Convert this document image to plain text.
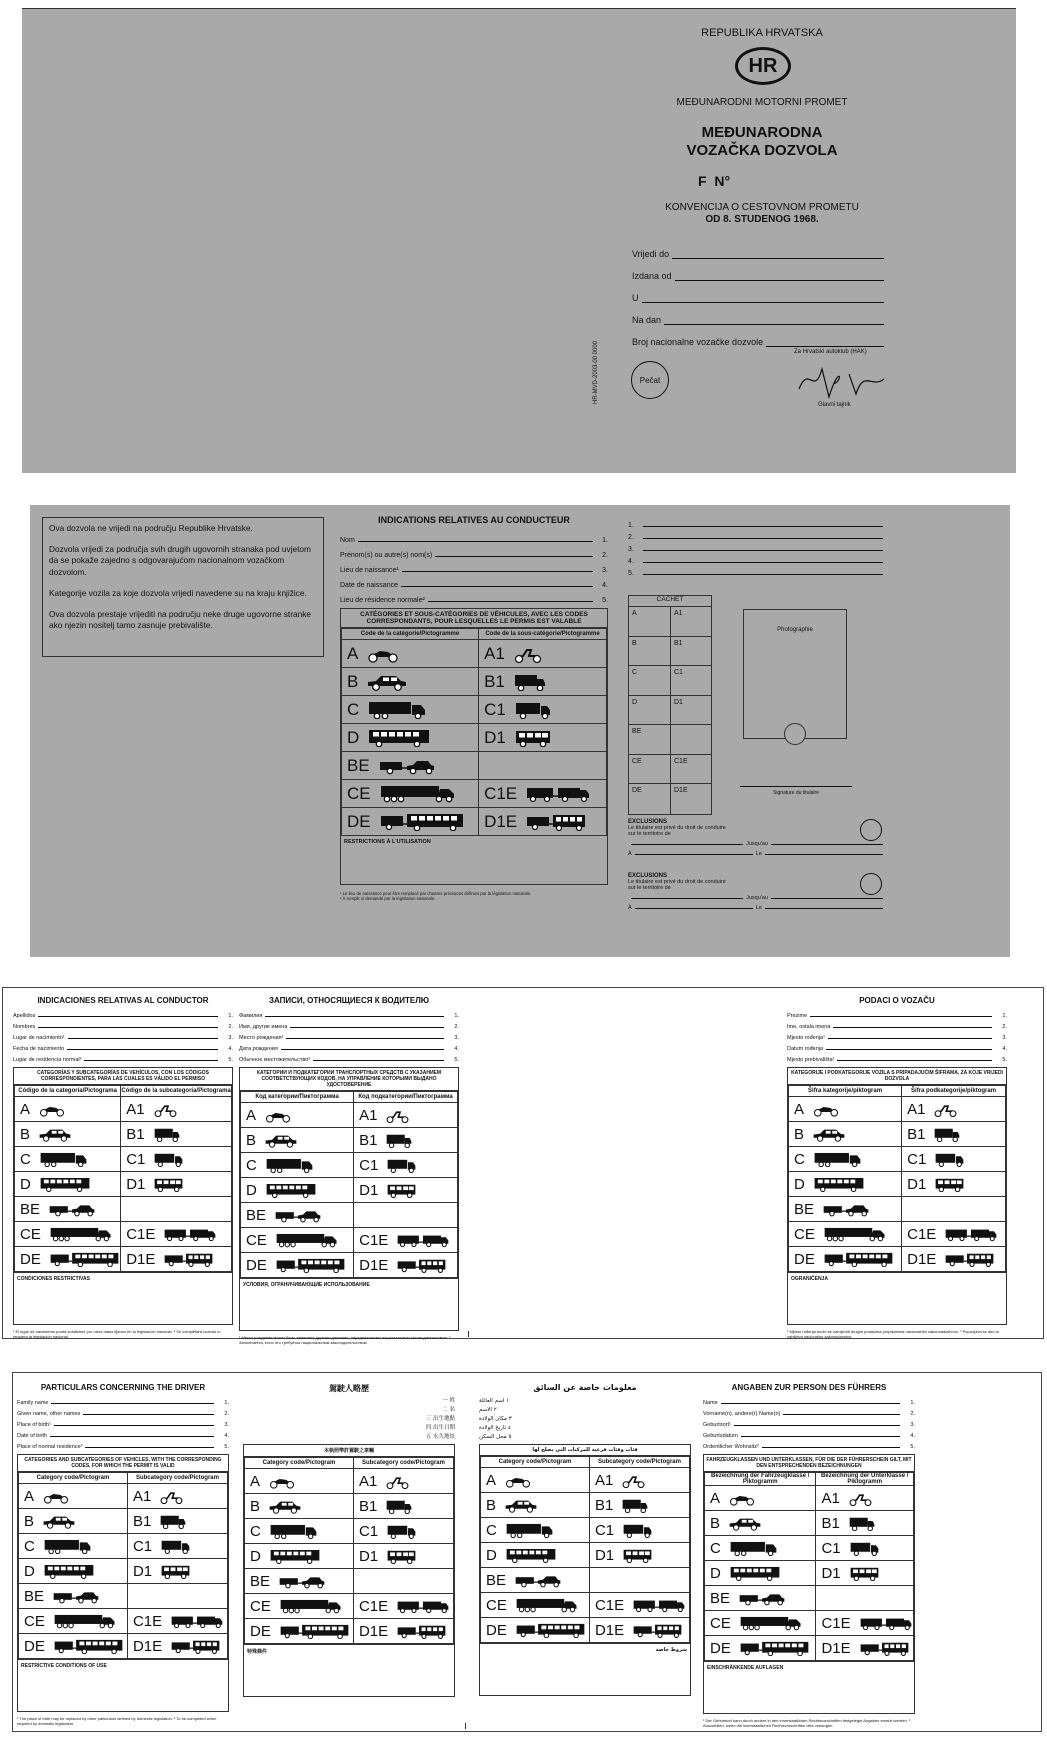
REPUBLIKA HRVATSKA
HR
MEĐUNARODNI MOTORNI PROMET
MEĐUNARODNA
VOZAČKA DOZVOLA
F  N°
KONVENCIJA O CESTOVNOM PROMETU
OD 8. STUDENOG 1968.
Vrijedi do
Izdana od
U
Na dan
Broj nacionalne vozačke dozvole
Za Hrvatski autoklub (HAK)
Glavni tajnik
Pečat
HR-MVD-2003-00 0000

Ova dozvola ne vrijedi na području Republike Hrvatske.

Dozvola vrijedi za područja svih drugih ugovornih stranaka pod uvjetom da se pokaže zajedno s odgovarajućom nacionalnom vozačkom dozvolom.

Kategorije vozila za koje dozvola vrijedi navedene su na kraju knjižice.

Ova dozvola prestaje vrijediti na području neke druge ugovorne stranke ako njezin nositelj tamo zasnuje prebivalište.

INDICATIONS RELATIVES AU CONDUCTEUR
Nom	1.
Prénom(s) ou autre(s) nom(s)	2.
Lieu de naissance¹	3.
Date de naissance	4.
Lieu de résidence normale²	5.
CATÉGORIES ET SOUS-CATÉGORIES DE VÉHICULES, AVEC LES CODES CORRESPONDANTS, POUR LESQUELLES LE PERMIS EST VALABLE
Code de la catégorie/Pictogramme	Code de la sous-catégorie/Pictogramme
A	A1

B	B1

C	C1

D	D1

BE

CE	C1E

DE	D1E
RESTRICTIONS À L'UTILISATION
¹ Le lieu de naissance peut être remplacé par d'autres précisions définies par la législation nationale.
² À remplir si demandé par la législation nationale.
1.
2.
3.
4.
5.
CACHET
A	A1
B	B1
C	C1
D	D1
BE
CE	C1E
DE	D1E
Photographie
Signature du titulaire
EXCLUSIONS
Le titulaire est privé du droit de conduire sur le territoire de
Jusqu'au
À	Le
EXCLUSIONS
Le titulaire est privé du droit de conduire sur le territoire de
Jusqu'au
À	Le
INDICACIONES RELATIVAS AL CONDUCTOR
Apellidos	1.
Nombres	2.
Lugar de nacimiento¹	3.
Fecha de nacimiento	4.
Lugar de residencia normal²	5.
CATEGORÍAS Y SUBCATEGORÍAS DE VEHÍCULOS, CON LOS CÓDIGOS CORRESPONDIENTES, PARA LAS CUALES ES VÁLIDO EL PERMISO
Código de la categoría/Pictograma	Código de la subcategoría/Pictograma
A	A1

B	B1

C	C1

D	D1

BE

CE	C1E

DE	D1E
CONDICIONES RESTRICTIVAS
¹ El lugar de nacimiento podrá sustituirse por otros datos fijados en la legislación nacional. ² Se completará cuando lo requiera la legislación nacional.
ЗАПИСИ, ОТНОСЯЩИЕСЯ К ВОДИТЕЛЮ
Фамилия	1.
Имя, другие имена	2.
Место рождения¹	3.
Дата рождения	4.
Обычное местожительство²	5.
КАТЕГОРИИ И ПОДКАТЕГОРИИ ТРАНСПОРТНЫХ СРЕДСТВ С УКАЗАНИЕМ СООТВЕТСТВУЮЩИХ КОДОВ, НА УПРАВЛЕНИЕ КОТОРЫМИ ВЫДАНО УДОСТОВЕРЕНИЕ
Код категории/Пиктограмма	Код подкатегории/Пиктограмма
A	A1

B	B1

C	C1

D	D1

BE

CE	C1E

DE	D1E
УСЛОВИЯ, ОГРАНИЧИВАЮЩИЕ ИСПОЛЬЗОВАНИЕ
¹ Место рождения может быть заменено другими данными, определенными национальным законодательством. ² Заполняется, если это требуется национальным законодательством.
PODACI O VOZAČU
Prezime	1.
Ime, ostala imena	2.
Mjesto rođenja¹	3.
Datum rođenja	4.
Mjesto prebivališta²	5.
KATEGORIJE I PODKATEGORIJE VOZILA S PRIPADAJUĆIM ŠIFRAMA, ZA KOJE VRIJEDI DOZVOLA
Šifra kategorije/piktogram	Šifra podkategorije/piktogram
A	A1

B	B1

C	C1

D	D1

BE

CE	C1E

DE	D1E
OGRANIČENJA
¹ Mjesto rođenja može se zamijeniti drugim podacima propisanima nacionalnim zakonodavstvom. ² Popunjava se ako to zahtijeva nacionalno zakonodavstvo.
PARTICULARS CONCERNING THE DRIVER
Family name	1.
Given name, other names	2.
Place of birth¹	3.
Date of birth	4.
Place of normal residence²	5.
CATEGORIES AND SUBCATEGORIES OF VEHICLES, WITH THE CORRESPONDING CODES, FOR WHICH THE PERMIT IS VALID
Category code/Pictogram	Subcategory code/Pictogram
A	A1

B	B1

C	C1

D	D1

BE

CE	C1E

DE	D1E
RESTRICTIVE CONDITIONS OF USE
¹ The place of birth may be replaced by other particulars defined by domestic legislation. ² To be completed when required by domestic legislation.
駕駛人略歷
一 姓
二 名
三 出生地點
四 出生日期
五 永久地址
本執照準許駕駛之車輛
Category code/Pictogram	Subcategory code/Pictogram
A	A1

B	B1

C	C1

D	D1

BE

CE	C1E

DE	D1E
特殊條件
معلومات خاصة عن السائق
١ اسم العائلة
٢ الاسم
٣ مكان الولادة
٤ تاريخ الولادة
٥ محل السكن
فئات وفئات فرعية للمركبات التي يصلح لها
Category code/Pictogram	Subcategory code/Pictogram
A	A1

B	B1

C	C1

D	D1

BE

CE	C1E

DE	D1E
شروط خاصة
ANGABEN ZUR PERSON DES FÜHRERS
Name	1.
Vorname(n), andere(r) Name(n)	2.
Geburtsort¹	3.
Geburtsdatum	4.
Ordentlicher Wohnsitz²	5.
FAHRZEUGKLASSEN UND UNTERKLASSEN, FÜR DIE DER FÜHRERSCHEIN GILT, MIT DEN ENTSPRECHENDEN BEZEICHNUNGEN
Bezeichnung der Fahrzeugklasse / Piktogramm	Bezeichnung der Unterklasse / Piktogramm
A	A1

B	B1

C	C1

D	D1

BE

CE	C1E

DE	D1E
EINSCHRÄNKENDE AUFLAGEN
¹ Der Geburtsort kann durch andere in den innerstaatlichen Rechtsvorschriften festgelegte Angaben ersetzt werden. ² Auszufüllen, wenn die innerstaatlichen Rechtsvorschriften dies verlangen.
